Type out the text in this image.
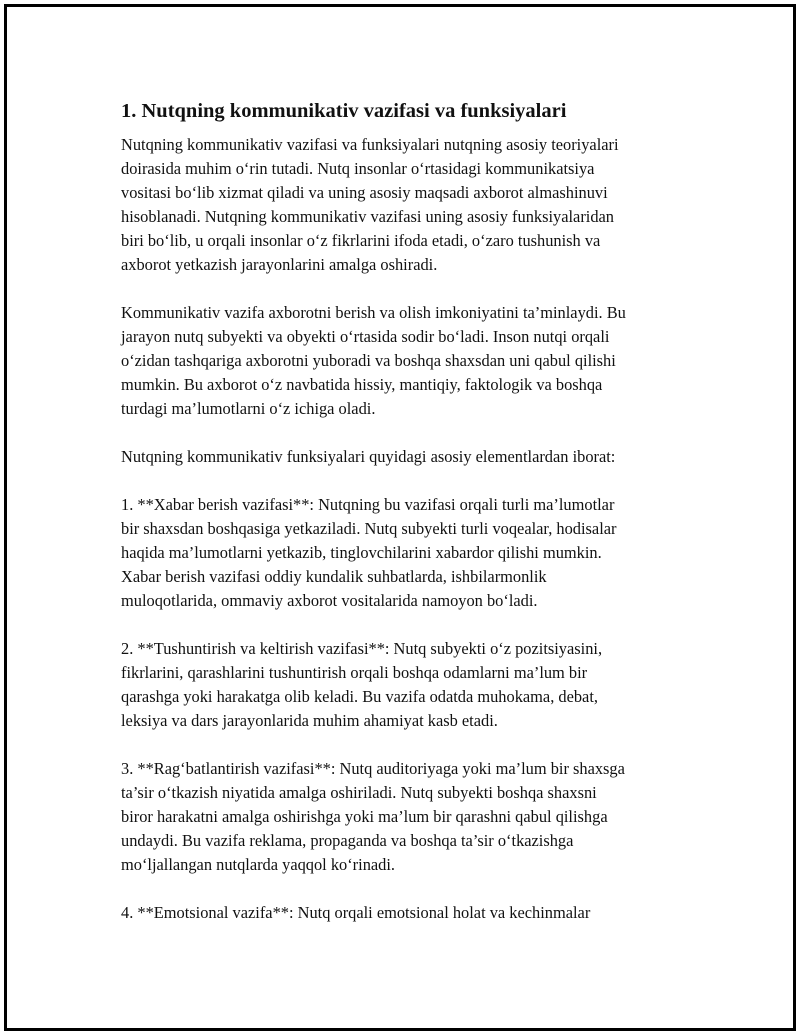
1. Nutqning kommunikativ vazifasi va funksiyalari

Nutqning kommunikativ vazifasi va funksiyalari nutqning asosiy teoriyalari
doirasida muhim o‘rin tutadi. Nutq insonlar o‘rtasidagi kommunikatsiya
vositasi bo‘lib xizmat qiladi va uning asosiy maqsadi axborot almashinuvi
hisoblanadi. Nutqning kommunikativ vazifasi uning asosiy funksiyalaridan
biri bo‘lib, u orqali insonlar o‘z fikrlarini ifoda etadi, o‘zaro tushunish va
axborot yetkazish jarayonlarini amalga oshiradi.

Kommunikativ vazifa axborotni berish va olish imkoniyatini ta’minlaydi. Bu
jarayon nutq subyekti va obyekti o‘rtasida sodir bo‘ladi. Inson nutqi orqali
o‘zidan tashqariga axborotni yuboradi va boshqa shaxsdan uni qabul qilishi
mumkin. Bu axborot o‘z navbatida hissiy, mantiqiy, faktologik va boshqa
turdagi ma’lumotlarni o‘z ichiga oladi.

Nutqning kommunikativ funksiyalari quyidagi asosiy elementlardan iborat:

1. **Xabar berish vazifasi**: Nutqning bu vazifasi orqali turli ma’lumotlar
bir shaxsdan boshqasiga yetkaziladi. Nutq subyekti turli voqealar, hodisalar
haqida ma’lumotlarni yetkazib, tinglovchilarini xabardor qilishi mumkin.
Xabar berish vazifasi oddiy kundalik suhbatlarda, ishbilarmonlik
muloqotlarida, ommaviy axborot vositalarida namoyon bo‘ladi.

2. **Tushuntirish va keltirish vazifasi**: Nutq subyekti o‘z pozitsiyasini,
fikrlarini, qarashlarini tushuntirish orqali boshqa odamlarni ma’lum bir
qarashga yoki harakatga olib keladi. Bu vazifa odatda muhokama, debat,
leksiya va dars jarayonlarida muhim ahamiyat kasb etadi.

3. **Rag‘batlantirish vazifasi**: Nutq auditoriyaga yoki ma’lum bir shaxsga
ta’sir o‘tkazish niyatida amalga oshiriladi. Nutq subyekti boshqa shaxsni
biror harakatni amalga oshirishga yoki ma’lum bir qarashni qabul qilishga
undaydi. Bu vazifa reklama, propaganda va boshqa ta’sir o‘tkazishga
mo‘ljallangan nutqlarda yaqqol ko‘rinadi.

4. **Emotsional vazifa**: Nutq orqali emotsional holat va kechinmalar
